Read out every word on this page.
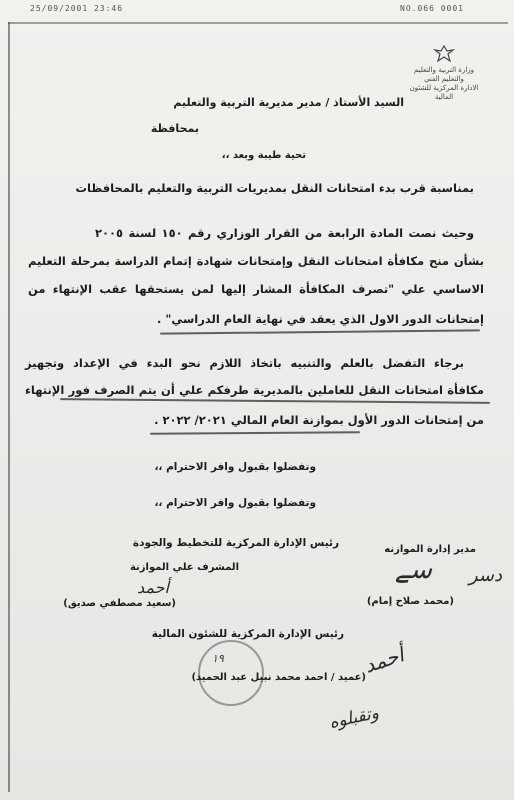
25/09/2001 23:46	NO.066 0001
وزارة التربية والتعليم
والتعليم الفني
الادارة المركزية للشئون المالية
السيد الأستاذ / مدير مديرية التربية والتعليم
بمحافظة
تحية طيبة وبعد ،،
بمناسبة قرب بدء امتحانات النقل بمديريات التربية والتعليم بالمحافظات
وحيث نصت المادة الرابعة من القرار الوزاري رقم ١٥٠ لسنة ٢٠٠٥
بشأن منح مكافأة امتحانات النقل وإمتحانات شهادة إتمام الدراسة بمرحلة التعليم
الاساسي علي "تصرف المكافأة المشار إليها لمن يستحقها عقب الإنتهاء من
إمتحانات الدور الاول الذي يعقد في نهاية العام الدراسي" .
برجاء التفضل بالعلم والتنبيه باتخاذ اللازم نحو البدء في الإعداد وتجهيز
مكافأة امتحانات النقل للعاملين بالمديرية طرفكم علي أن يتم الصرف فور الإنتهاء
من إمتحانات الدور الأول بموازنة العام المالي ٢٠٢١/ ٢٠٢٢ .
وتفضلوا بقبول وافر الاحترام ،،
وتفضلوا بقبول وافر الاحترام ،،
مدير إدارة الموازنه
رئيس الإدارة المركزية للتخطيط والجودة
المشرف علي الموازنة	سے دسر
أحمد
(محمد صلاح إمام)
(سعيد مصطفي صديق)
رئيس الإدارة المركزية للشئون المالية
١٩
(عميد / احمد محمد نبيل عبد الحميد)
أحمد
وتقبلوه
